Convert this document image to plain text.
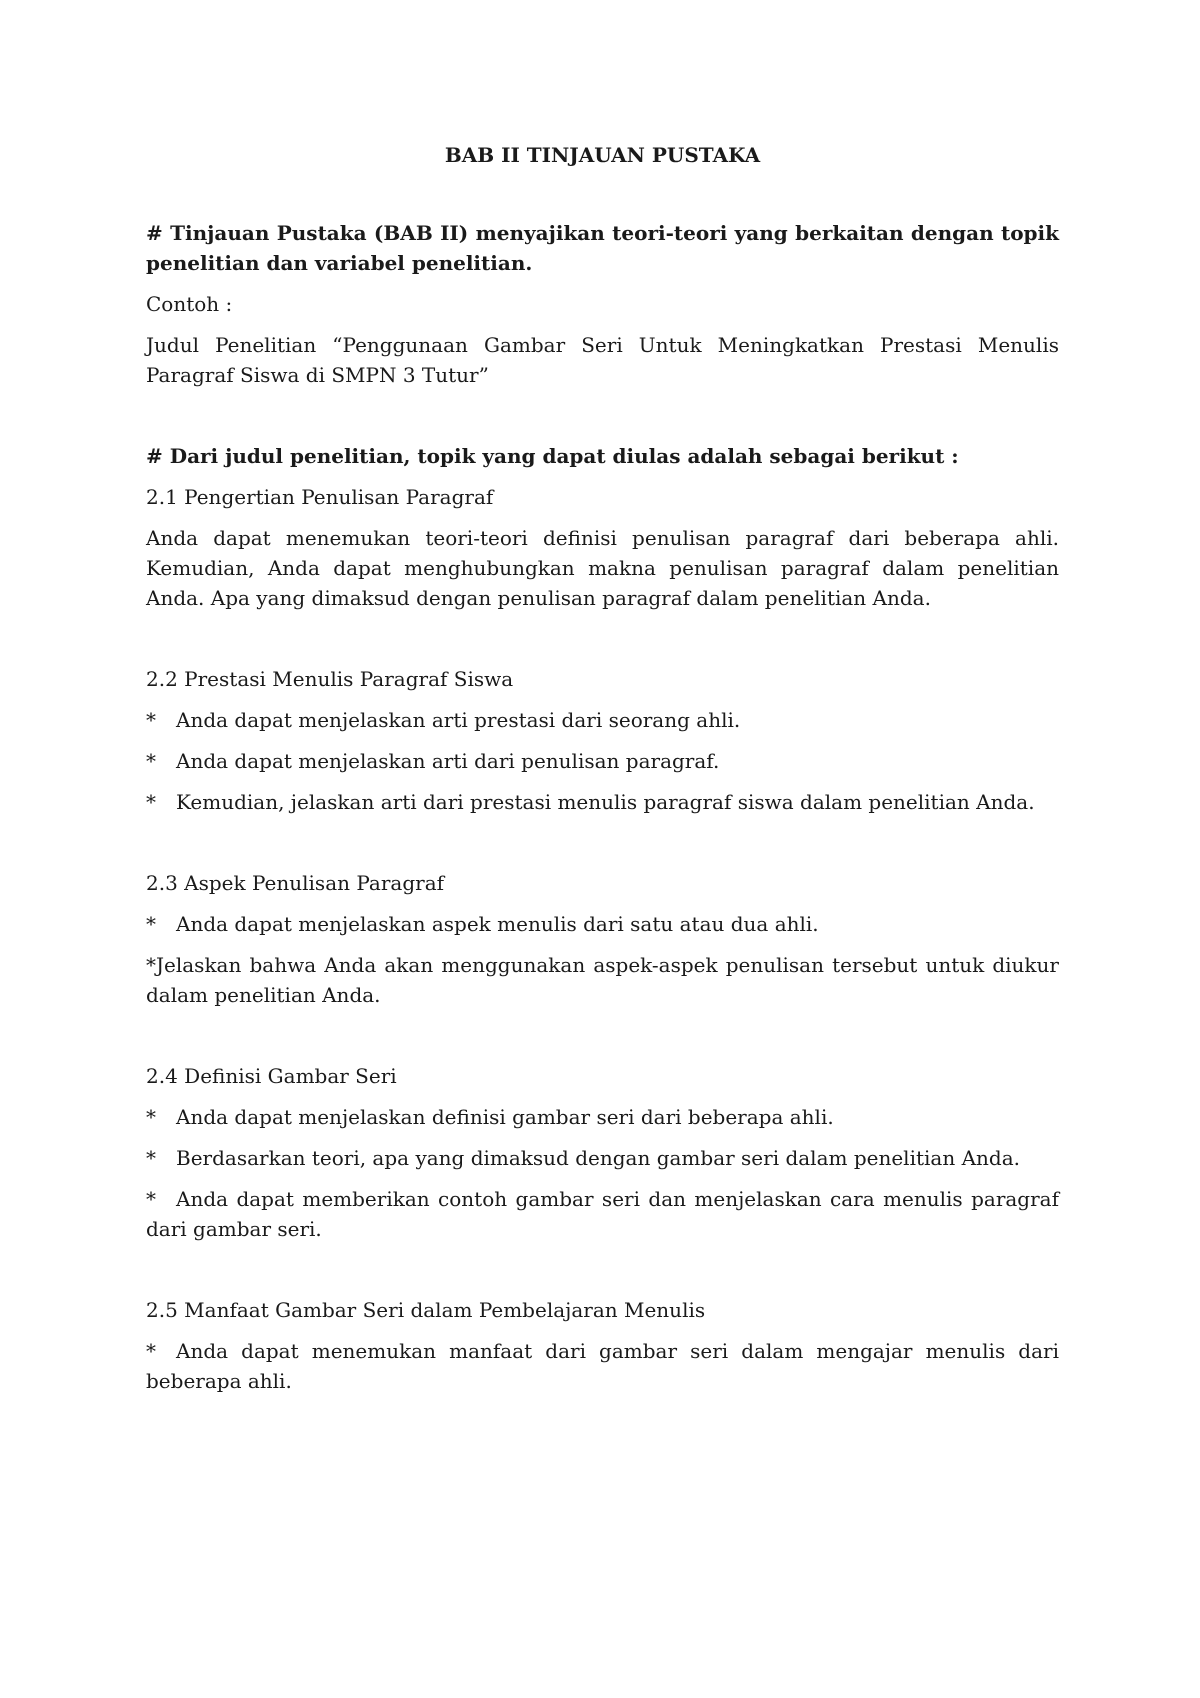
BAB II TINJAUAN PUSTAKA

# Tinjauan Pustaka (BAB II) menyajikan teori-teori yang berkaitan dengan topik penelitian dan variabel penelitian.

Contoh :

Judul Penelitian “Penggunaan Gambar Seri Untuk Meningkatkan Prestasi Menulis Paragraf Siswa di SMPN 3 Tutur”

# Dari judul penelitian, topik yang dapat diulas adalah sebagai berikut :

2.1 Pengertian Penulisan Paragraf

Anda dapat menemukan teori-teori definisi penulisan paragraf dari beberapa ahli. Kemudian, Anda dapat menghubungkan makna penulisan paragraf dalam penelitian Anda. Apa yang dimaksud dengan penulisan paragraf dalam penelitian Anda.

2.2 Prestasi Menulis Paragraf Siswa

* Anda dapat menjelaskan arti prestasi dari seorang ahli.

* Anda dapat menjelaskan arti dari penulisan paragraf.

* Kemudian, jelaskan arti dari prestasi menulis paragraf siswa dalam penelitian Anda.

2.3 Aspek Penulisan Paragraf

* Anda dapat menjelaskan aspek menulis dari satu atau dua ahli.

*Jelaskan bahwa Anda akan menggunakan aspek-aspek penulisan tersebut untuk diukur dalam penelitian Anda.

2.4 Definisi Gambar Seri

* Anda dapat menjelaskan definisi gambar seri dari beberapa ahli.

* Berdasarkan teori, apa yang dimaksud dengan gambar seri dalam penelitian Anda.

* Anda dapat memberikan contoh gambar seri dan menjelaskan cara menulis paragraf dari gambar seri.

2.5 Manfaat Gambar Seri dalam Pembelajaran Menulis

* Anda dapat menemukan manfaat dari gambar seri dalam mengajar menulis dari beberapa ahli.
